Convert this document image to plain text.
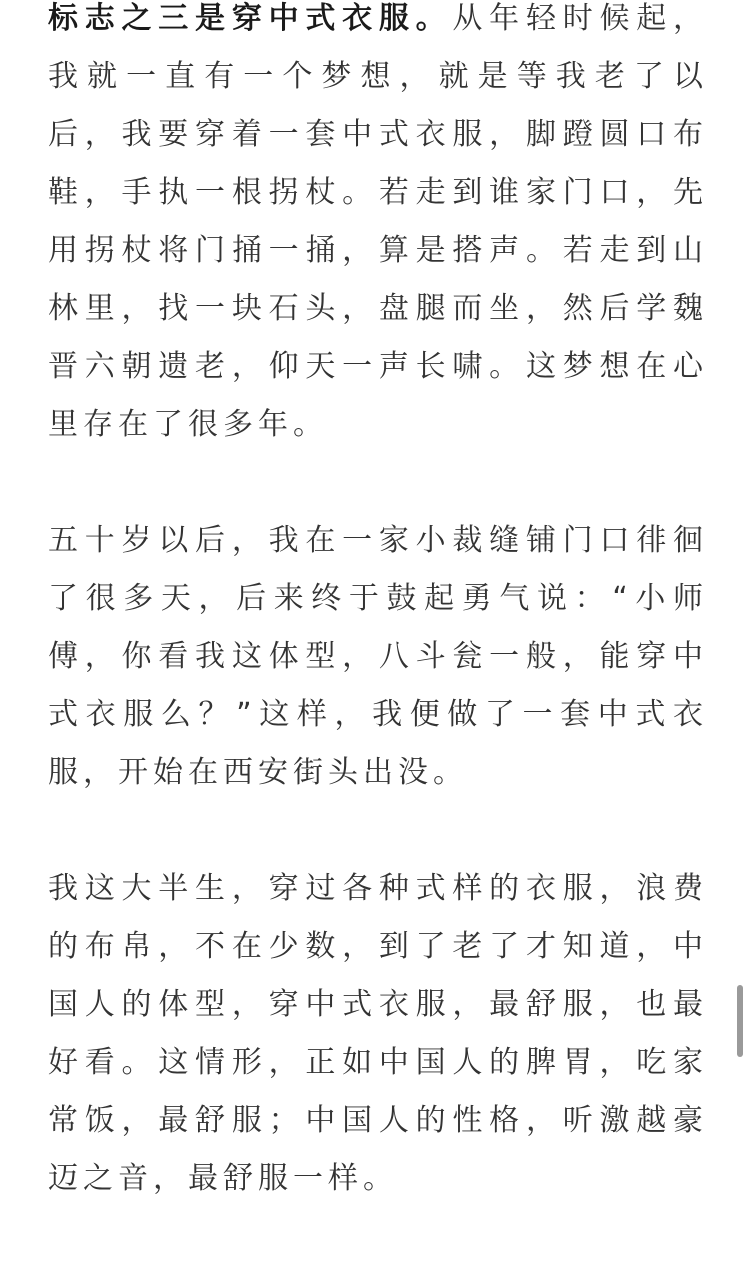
标志之三是穿中式衣服。从年轻时候起，我就一直有一个梦想，就是等我老了以后，我要穿着一套中式衣服，脚蹬圆口布鞋，手执一根拐杖。若走到谁家门口，先用拐杖将门捅一捅，算是搭声。若走到山林里，找一块石头，盘腿而坐，然后学魏晋六朝遗老，仰天一声长啸。这梦想在心里存在了很多年。

五十岁以后，我在一家小裁缝铺门口徘徊了很多天，后来终于鼓起勇气说：“小师傅，你看我这体型，八斗瓮一般，能穿中式衣服么？”这样，我便做了一套中式衣服，开始在西安街头出没。

我这大半生，穿过各种式样的衣服，浪费的布帛，不在少数，到了老了才知道，中国人的体型，穿中式衣服，最舒服，也最好看。这情形，正如中国人的脾胃，吃家常饭，最舒服；中国人的性格，听激越豪迈之音，最舒服一样。
